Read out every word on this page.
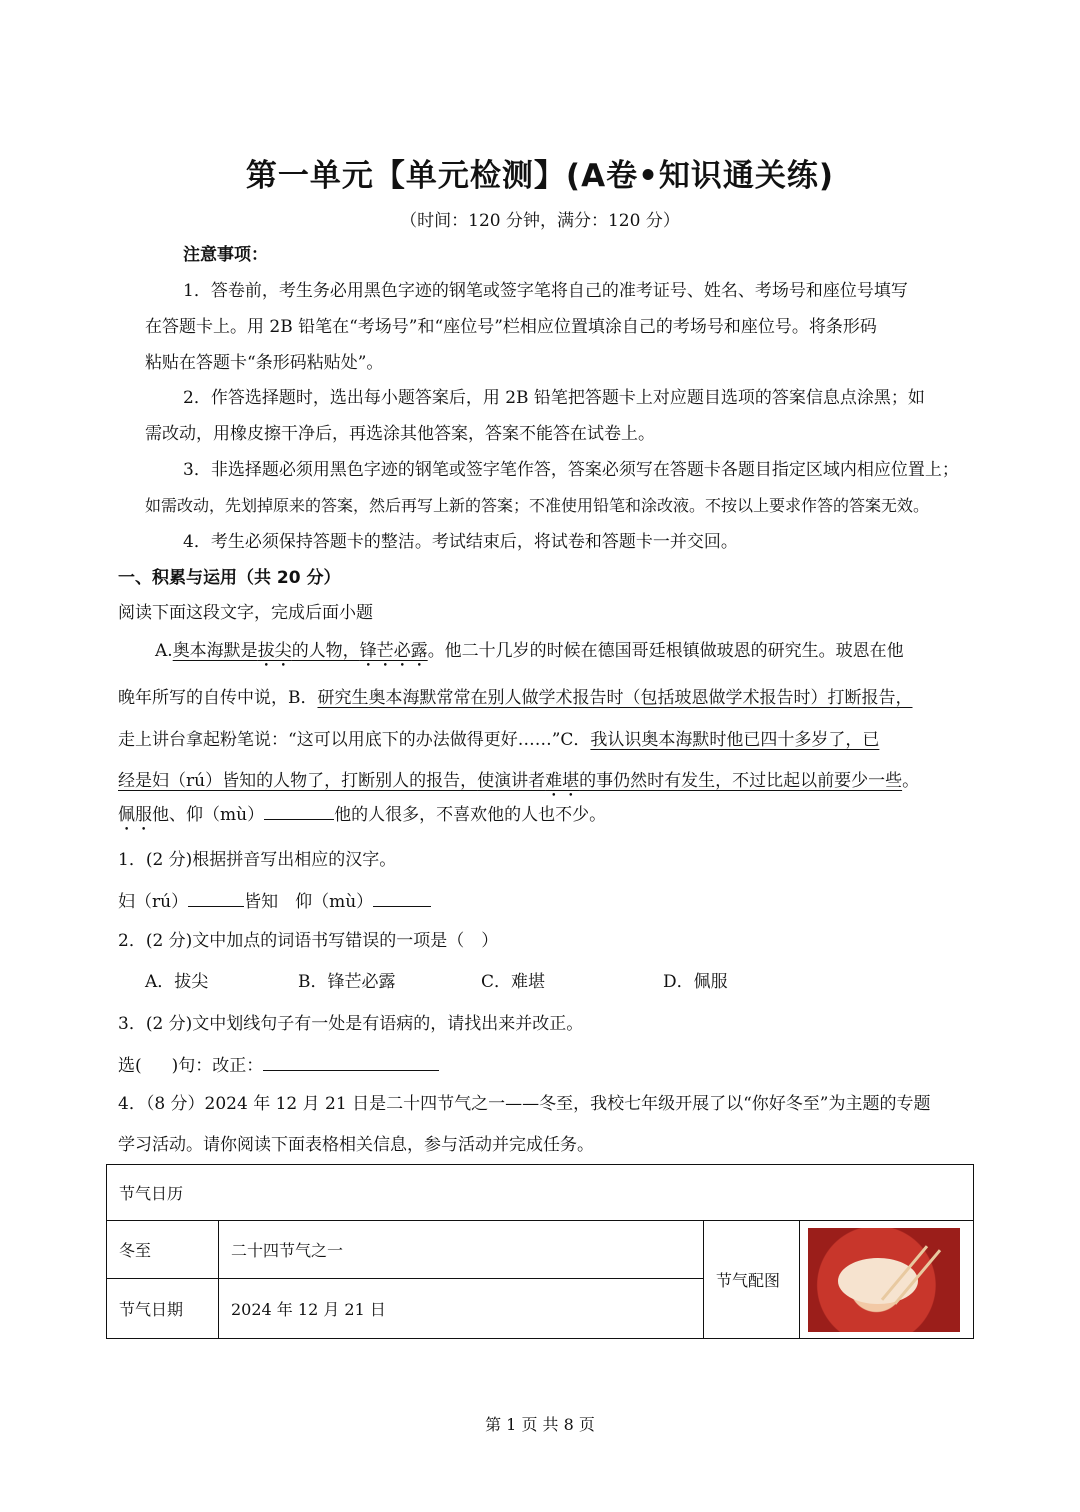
第一单元【单元检测】(A卷•知识通关练)
（时间：120 分钟，满分：120 分）
注意事项：
1．答卷前，考生务必用黑色字迹的钢笔或签字笔将自己的准考证号、姓名、考场号和座位号填写
在答题卡上。用 2B 铅笔在“考场号”和“座位号”栏相应位置填涂自己的考场号和座位号。将条形码
粘贴在答题卡“条形码粘贴处”。
2．作答选择题时，选出每小题答案后，用 2B 铅笔把答题卡上对应题目选项的答案信息点涂黑；如
需改动，用橡皮擦干净后，再选涂其他答案，答案不能答在试卷上。
3．非选择题必须用黑色字迹的钢笔或签字笔作答，答案必须写在答题卡各题目指定区域内相应位置上；
如需改动，先划掉原来的答案，然后再写上新的答案；不准使用铅笔和涂改液。不按以上要求作答的答案无效。
4．考生必须保持答题卡的整洁。考试结束后，将试卷和答题卡一并交回。
一、积累与运用（共 20 分）
阅读下面这段文字，完成后面小题
A.奥本海默是拔尖的人物，锋芒必露。他二十几岁的时候在德国哥廷根镇做玻恩的研究生。玻恩在他
晚年所写的自传中说，B．研究生奥本海默常常在别人做学术报告时（包括玻恩做学术报告时）打断报告，
走上讲台拿起粉笔说：“这可以用底下的办法做得更好……”C．我认识奥本海默时他已四十多岁了，已
经是妇（rú）皆知的人物了，打断别人的报告，使演讲者难堪的事仍然时有发生，不过比起以前要少一些。
佩服他、仰（mù）	他的人很多，不喜欢他的人也不少。
1．(2 分)根据拼音写出相应的汉字。
妇（rú）	皆知　 仰（mù）
2．(2 分)文中加点的词语书写错误的一项是（　）
A．拔尖	B．锋芒必露	C．难堪	D．佩服
3．(2 分)文中划线句子有一处是有语病的，请找出来并改正。
选( )句：改正：
4．（8 分）2024 年 12 月 21 日是二十四节气之一——冬至，我校七年级开展了以“你好冬至”为主题的专题
学习活动。请你阅读下面表格相关信息，参与活动并完成任务。
节气日历			
冬至	二十四节气之一	节气配图	

节气日期	2024 年 12 月 21 日		
第 1 页 共 8 页
